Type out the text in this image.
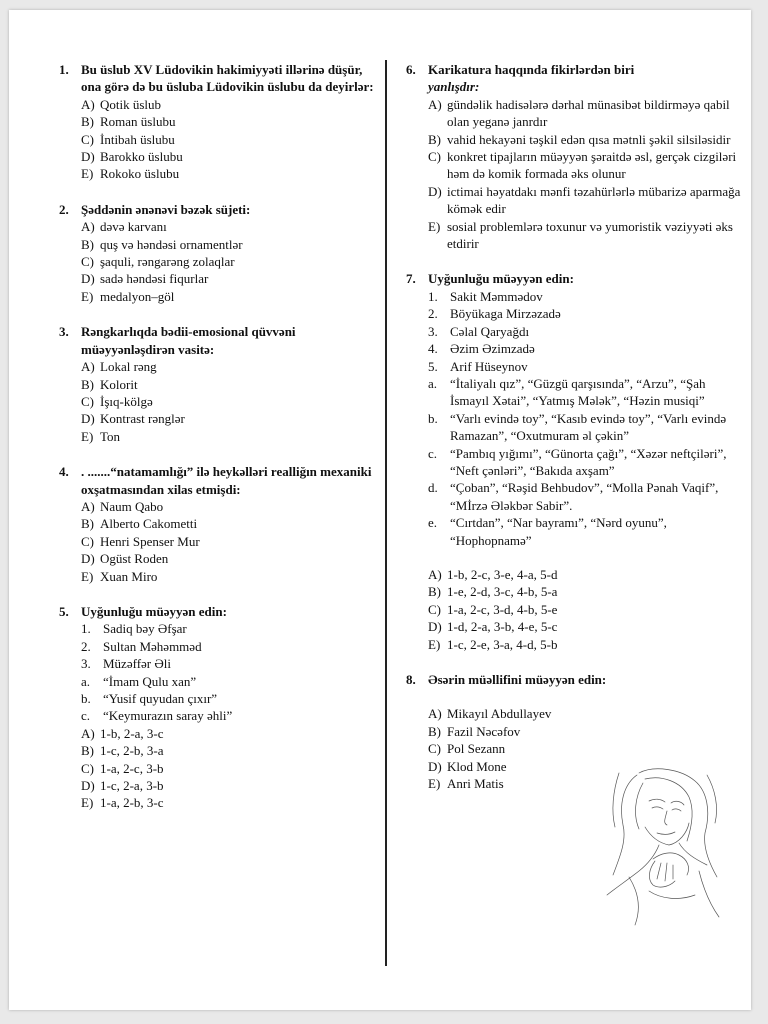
1. Bu üslub XV Lüdovikin hakimiyyəti illərinə düşür, ona görə də bu üsluba Lüdovikin üslubu da deyirlər:
A) Qotik üslub
B) Roman üslubu
C) İntibah üslubu
D) Barokko üslubu
E) Rokoko üslubu
2. Şəddənin ənənəvi bəzək süjeti:
A) dəvə karvanı
B) quş və həndəsi ornamentlər
C) şaquli, rəngarəng zolaqlar
D) sadə həndəsi fiqurlar
E) medalyon–göl
3. Rəngkarlıqda bədii-emosional qüvvəni müəyyənləşdirən vasitə:
A) Lokal rəng
B) Kolorit
C) İşıq-kölgə
D) Kontrast rənglər
E) Ton
4. . .......“natamamlığı” ilə heykəlləri realliğın mexaniki oxşatmasından xilas etmişdi:
A) Naum Qabo
B) Alberto Cakometti
C) Henri Spenser Mur
D) Ogüst Roden
E) Xuan Miro
5. Uyğunluğu müəyyən edin:
1. Sadiq bəy Əfşar
2. Sultan Məhəmməd
3. Müzəffər Əli
a. “İmam Qulu xan”
b. “Yusif quyudan çıxır”
c. “Keymurazın saray əhli”
A) 1-b, 2-a, 3-c
B) 1-c, 2-b, 3-a
C) 1-a, 2-c, 3-b
D) 1-c, 2-a, 3-b
E) 1-a, 2-b, 3-c
6. Karikatura haqqında fikirlərdən biri
yanlışdır:
A) gündəlik hadisələrə dərhal münasibət bildirməyə qabil olan yeganə janrdır
B) vahid hekayəni təşkil edən qısa mətnli şəkil silsiləsidir
C) konkret tipajların müəyyən şəraitdə əsl, gerçək cizgiləri həm də komik formada əks olunur
D) ictimai həyatdakı mənfi təzahürlərlə mübarizə aparmağa kömək edir
E) sosial problemlərə toxunur və yumoristik vəziyyəti əks etdirir
7. Uyğunluğu müəyyən edin:
1. Sakit Məmmədov
2. Böyükaga Mirzəzadə
3. Cəlal Qaryağdı
4. Əzim Əzimzadə
5. Arif Hüseynov
a. “İtaliyalı qız”, “Güzgü qarşısında”, “Arzu”, “Şah İsmayıl Xətai”, “Yatmış Mələk”, “Həzin musiqi”
b. “Varlı evində toy”, “Kasıb evində toy”, “Varlı evində Ramazan”, “Oxutmuram əl çəkin”
c. “Pambıq yığımı”, “Günorta çağı”, “Xəzər neftçiləri”, “Neft çənləri”, “Bakıda axşam”
d. “Çoban”, “Rəşid Behbudov”, “Molla Pənah Vaqif”, “Mİrzə Ələkbər Sabir”.
e. “Cırtdan”, “Nar bayramı”, “Nərd oyunu”, “Hophopnamə”
A) 1-b, 2-c, 3-e, 4-a, 5-d
B) 1-e, 2-d, 3-c, 4-b, 5-a
C) 1-a, 2-c, 3-d, 4-b, 5-e
D) 1-d, 2-a, 3-b, 4-e, 5-c
E) 1-c, 2-e, 3-a, 4-d, 5-b
8. Əsərin müəllifini müəyyən edin:
A) Mikayıl Abdullayev
B) Fazil Nəcəfov
C) Pol Sezann
D) Klod Mone
E) Anri Matis
